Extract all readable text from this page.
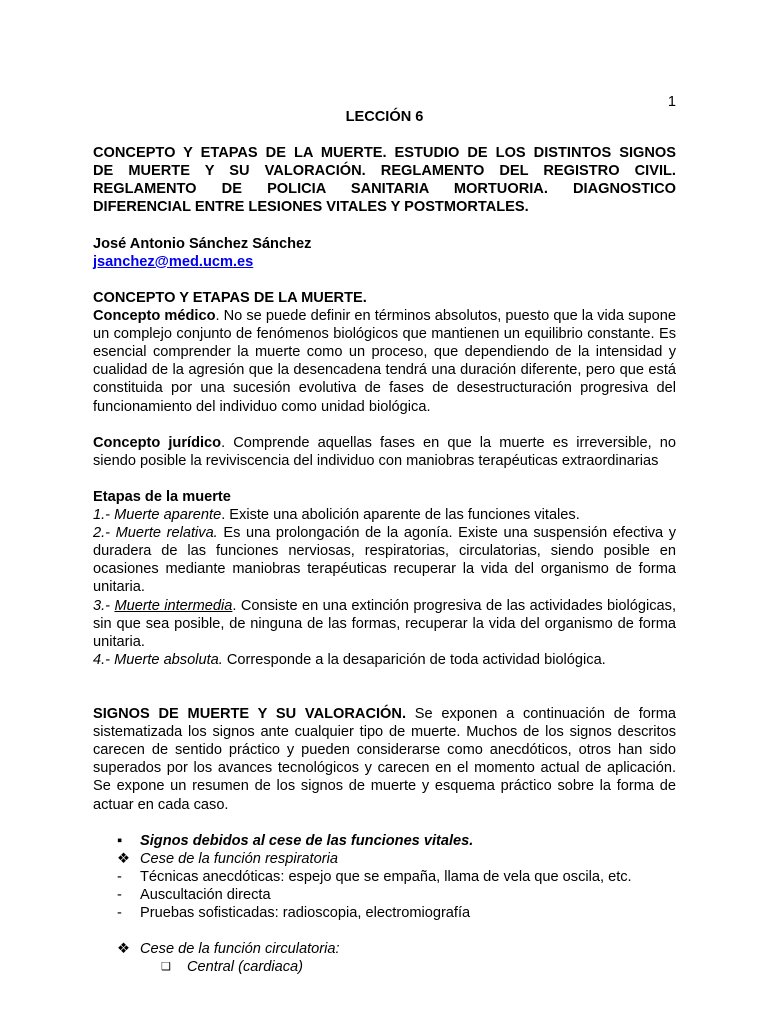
1

LECCIÓN 6

CONCEPTO Y ETAPAS DE LA MUERTE. ESTUDIO DE LOS DISTINTOS SIGNOS
DE MUERTE Y SU VALORACIÓN. REGLAMENTO DEL REGISTRO CIVIL.
REGLAMENTO DE POLICIA SANITARIA MORTUORIA. DIAGNOSTICO
DIFERENCIAL ENTRE LESIONES VITALES Y POSTMORTALES.

José Antonio Sánchez Sánchez

jsanchez@med.ucm.es

CONCEPTO Y ETAPAS DE LA MUERTE.

Concepto médico. No se puede definir en términos absolutos, puesto que la vida supone un complejo conjunto de fenómenos biológicos que mantienen un equilibrio constante. Es esencial comprender la muerte como un proceso, que dependiendo de la intensidad y cualidad de la agresión que la desencadena tendrá una duración diferente, pero que está constituida por una sucesión evolutiva de fases de desestructuración progresiva del funcionamiento del individuo como unidad biológica.

Concepto jurídico. Comprende aquellas fases en que la muerte es irreversible, no siendo posible la reviviscencia del individuo con maniobras terapéuticas extraordinarias

Etapas de la muerte

1.- Muerte aparente. Existe una abolición aparente de las funciones vitales.

2.- Muerte relativa. Es una prolongación de la agonía. Existe una suspensión efectiva y duradera de las funciones nerviosas, respiratorias, circulatorias, siendo posible en ocasiones mediante maniobras terapéuticas recuperar la vida del organismo de forma unitaria.

3.- Muerte intermedia. Consiste en una extinción progresiva de las actividades biológicas, sin que sea posible, de ninguna de las formas, recuperar la vida del organismo de forma unitaria.

4.- Muerte absoluta. Corresponde a la desaparición de toda actividad biológica.

SIGNOS DE MUERTE Y SU VALORACIÓN. Se exponen a continuación de forma sistematizada los signos ante cualquier tipo de muerte. Muchos de los signos descritos carecen de sentido práctico y pueden considerarse como anecdóticos, otros han sido superados por los avances tecnológicos y carecen en el momento actual de aplicación. Se expone un resumen de los signos de muerte y esquema práctico sobre la forma de actuar en cada caso.

▪ Signos debidos al cese de las funciones vitales.
❖ Cese de la función respiratoria
- Técnicas anecdóticas: espejo que se empaña, llama de vela que oscila, etc.
- Auscultación directa
- Pruebas sofisticadas: radioscopia, electromiografía
❖ Cese de la función circulatoria:
❑ Central (cardiaca)
